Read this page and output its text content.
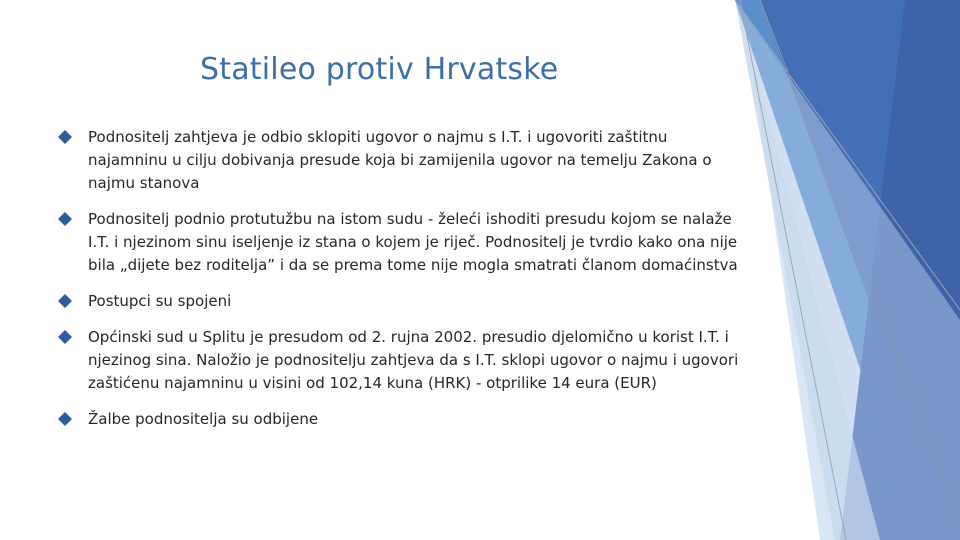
Statileo protiv Hrvatske
Podnositelj zahtjeva je odbio sklopiti ugovor o najmu s I.T. i ugovoriti zaštitnu najamninu u cilju dobivanja presude koja bi zamijenila ugovor na temelju Zakona o najmu stanova
Podnositelj podnio protutužbu na istom sudu - želeći ishoditi presudu kojom se nalaže I.T. i njezinom sinu iseljenje iz stana o kojem je riječ. Podnositelj je tvrdio kako ona nije bila „dijete bez roditelja” i da se prema tome nije mogla smatrati članom domaćinstva
Postupci su spojeni
Općinski sud u Splitu je presudom od 2. rujna 2002. presudio djelomično u korist I.T. i njezinog sina. Naložio je podnositelju zahtjeva da s I.T. sklopi ugovor o najmu i ugovori zaštićenu najamninu u visini od 102,14 kuna (HRK) - otprilike 14 eura (EUR)
Žalbe podnositelja su odbijene
